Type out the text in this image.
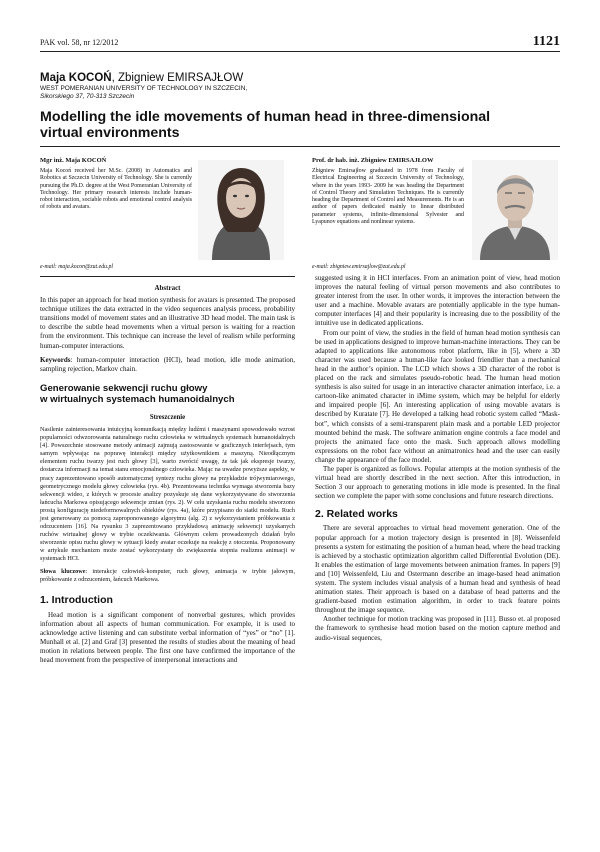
PAK vol. 58, nr 12/2012	1121
Maja KOCOŃ, Zbigniew EMIRSAJŁOW
WEST POMERANIAN UNIVERSITY OF TECHNOLOGY IN SZCZECIN,
Sikorskiego 37, 70-313 Szczecin
Modelling the idle movements of human head in three-dimensional
virtual environments
Mgr inż. Maja KOCOŃ
Maja Kocoń received her M.Sc. (2008) in Automatics and Robotics at Szczecin University of Technology. She is currently pursuing the Ph.D. degree at the West Pomeranian University of Technology. Her primary research interests include human-robot interaction, sociable robots and emotional control analysis of robots and avatars.
e-mail: maja.kocon@zut.edu.pl
Prof. dr hab. inż. Zbigniew EMIRSAJŁOW
Zbigniew Emirsajłow graduated in 1978 from Faculty of Electrical Engineering at Szczecin University of Technology, where in the years 1993- 2009 he was heading the Department of Control Theory and Simulation Techniques. He is currently heading the Department of Control and Measurements. He is an author of papers dedicated mainly to linear distributed parameter systems, infinite-dimensional Sylvester and Lyapunov equations and nonlinear systems.
e-mail: zbigniew.emirsajlow@zut.edu.pl
Abstract

In this paper an approach for head motion synthesis for avatars is presented. The proposed technique utilizes the data extracted in the video sequences analysis process, probability transitions model of movement states and an illustrative 3D head model. The main task is to describe the subtle head movements when a virtual person is waiting for a reaction from the environment. This technique can increase the level of realism while performing human-computer interactions.

Keywords: human-computer interaction (HCI), head motion, idle mode animation, sampling rejection, Markov chain.

Generowanie sekwencji ruchu głowy
w wirtualnych systemach humanoidalnych
Streszczenie

Nasilenie zainteresowania intuicyjną komunikacją między ludźmi i maszynami spowodowało wzrost popularności odwzorowania naturalnego ruchu człowieka w wirtualnych systemach humanoidalnych [4]. Powszechnie stosowane metody animacji zajmują zastosowanie w graficznych interfejsach, tym samym wpływając na poprawę interakcji między użytkownikiem a maszyną. Nieodłącznym elementem ruchu twarzy jest ruch głowy [3], warto zwrócić uwagę, że tak jak ekspresje twarzy, dostarcza informacji na temat stanu emocjonalnego człowieka. Mając na uwadze powyższe aspekty, w pracy zaprezentowano sposób automatycznej syntezy ruchu głowy na przykładzie trójwymiarowego, geometrycznego modelu głowy człowieka (rys. 4b). Prezentowana technika wymaga stworzenia bazy sekwencji wideo, z których w procesie analizy pozyskuje się dane wykorzystywane do stworzenia łańcucha Markowa opisującego sekwencje zmian (rys. 2). W celu uzyskania ruchu modelu stworzono prostą konfigurację niedeformowalnych obiektów (rys. 4a), które przypisano do siatki modelu. Ruch jest generowany za pomocą zaproponowanego algorytmu (alg. 2) z wykorzystaniem próbkowania z odrzuceniem [16]. Na rysunku 3 zaprezentowano przykładową animację sekwencji uzyskanych ruchów wirtualnej głowy w trybie oczekiwania. Głównym celem prowadzonych działań było stworzenie opisu ruchu głowy w sytuacji kiedy avatar oczekuje na reakcję z otoczenia. Proponowany w artykule mechanizm może zostać wykorzystany do zwiększenia stopnia realizmu animacji w systemach HCI.

Słowa kluczowe: interakcje człowiek-komputer, ruch głowy, animacja w trybie jałowym, próbkowanie z odrzuceniem, łańcuch Markowa.

1. Introduction

Head motion is a significant component of nonverbal gestures, which provides information about all aspects of human communication. For example, it is used to acknowledge active listening and can substitute verbal information of “yes” or “no” [1]. Munhall et al. [2] and Graf [3] presented the results of studies about the meaning of head motion in relations between people. The first one have confirmed the importance of the head movement from the perspective of interpersonal interactions and

suggested using it in HCI interfaces. From an animation point of view, head motion improves the natural feeling of virtual person movements and also contributes to greater interest from the user. In other words, it improves the interaction between the user and a machine. Movable avatars are potentially applicable in the type human-computer interfaces [4] and their popularity is increasing due to the possibility of the intuitive use in dedicated applications.

From our point of view, the studies in the field of human head motion synthesis can be used in applications designed to improve human-machine interactions. They can be adapted to applications like autonomous robot platform, like in [5], where a 3D character was used because a human-like face looked friendlier than a mechanical head in the author’s opinion. The LCD which shows a 3D character of the robot is placed on the rack and simulates pseudo-robotic head. The human head motion synthesis is also suited for usage in an interactive character animation interface, i.e. a cartoon-like animated character in iMime system, which may be helpful for elderly and impaired people [6]. An interesting application of using movable avatars is described by Kuratate [7]. He developed a talking head robotic system called “Mask-bot”, which consists of a semi-transparent plain mask and a portable LED projector mounted behind the mask. The software animation engine controls a face model and projects the animated face onto the mask. Such approach allows modelling expressions on the robot face without an animatronics head and the user can easily change the appearance of the face model.

The paper is organized as follows. Popular attempts at the motion synthesis of the virtual head are shortly described in the next section. After this introduction, in Section 3 our approach to generating motions in idle mode is presented. In the final section we complete the paper with some conclusions and future research directions.

2. Related works

There are several approaches to virtual head movement generation. One of the popular approach for a motion trajectory design is presented in [8]. Weissenfeld presents a system for estimating the position of a human head, where the head tracking is achieved by a stochastic optimization algorithm called Differential Evolution (DE). It enables the estimation of large movements between animation frames. In papers [9] and [10] Weissenfeld, Liu and Ostermann describe an image-based head animation system. The system includes visual analysis of a human head and synthesis of head animation states. Their approach is based on a database of head patterns and the gradient-based motion estimation algorithm, in order to track feature points throughout the image sequence.

Another technique for motion tracking was proposed in [11]. Busso et. al proposed the framework to synthesise head motion based on the motion capture method and audio-visual sequences,
